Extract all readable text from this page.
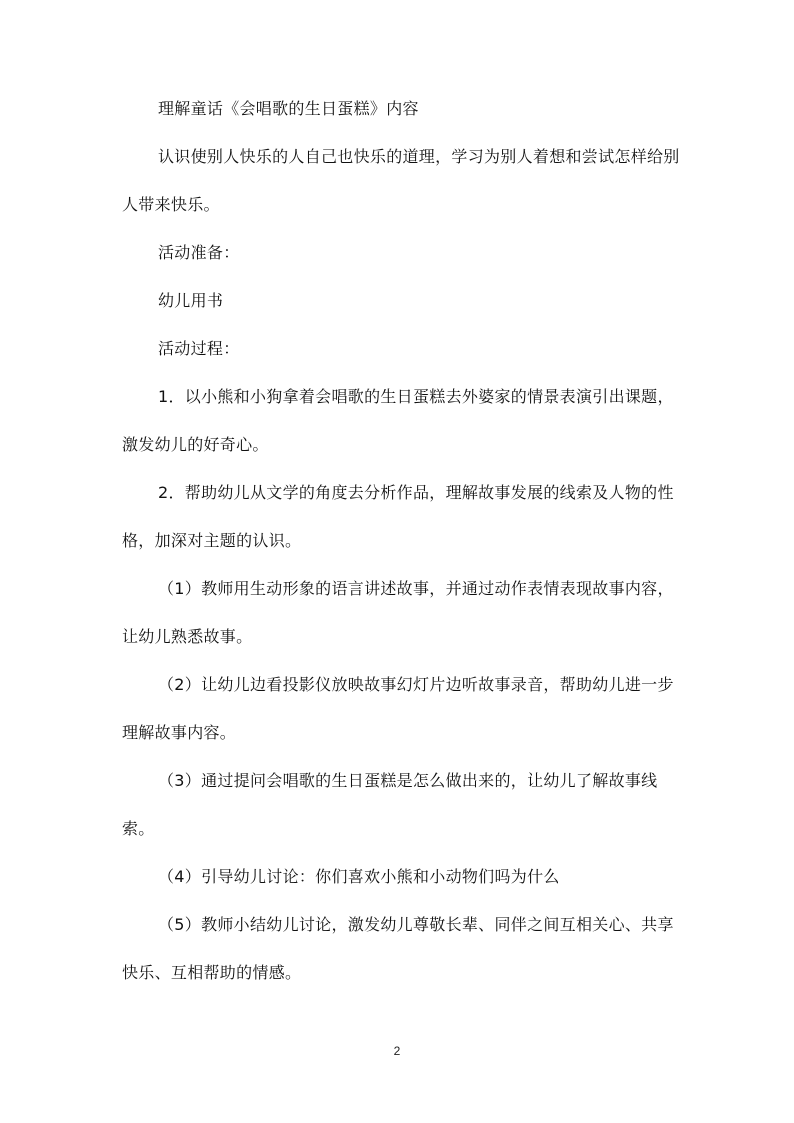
理解童话《会唱歌的生日蛋糕》内容

认识使别人快乐的人自己也快乐的道理，学习为别人着想和尝试怎样给别人带来快乐。

活动准备：

幼儿用书

活动过程：

1．以小熊和小狗拿着会唱歌的生日蛋糕去外婆家的情景表演引出课题，激发幼儿的好奇心。

2．帮助幼儿从文学的角度去分析作品，理解故事发展的线索及人物的性格，加深对主题的认识。

（1）教师用生动形象的语言讲述故事，并通过动作表情表现故事内容，让幼儿熟悉故事。

（2）让幼儿边看投影仪放映故事幻灯片边听故事录音，帮助幼儿进一步理解故事内容。

（3）通过提问会唱歌的生日蛋糕是怎么做出来的，让幼儿了解故事线索。

（4）引导幼儿讨论：你们喜欢小熊和小动物们吗为什么

（5）教师小结幼儿讨论，激发幼儿尊敬长辈、同伴之间互相关心、共享快乐、互相帮助的情感。

2
